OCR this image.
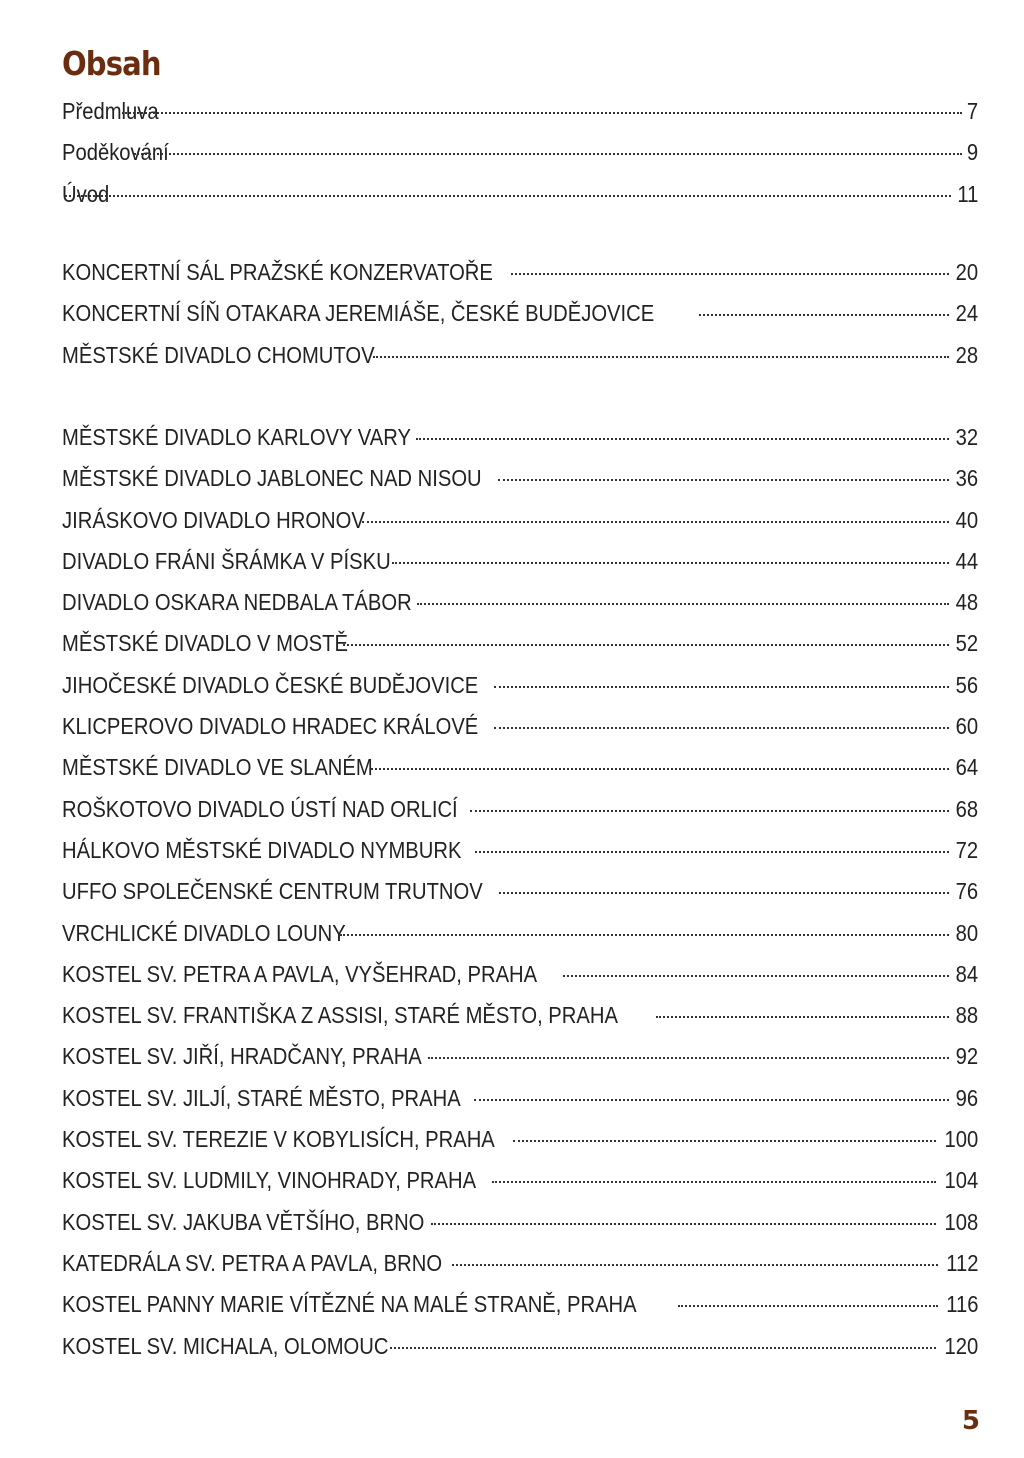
Obsah
Předmluva	7
Poděkování	9
Úvod	11
KONCERTNÍ SÁL PRAŽSKÉ KONZERVATOŘE	20
KONCERTNÍ SÍŇ OTAKARA JEREMIÁŠE, ČESKÉ BUDĚJOVICE	24
MĚSTSKÉ DIVADLO CHOMUTOV	28
MĚSTSKÉ DIVADLO KARLOVY VARY	32
MĚSTSKÉ DIVADLO JABLONEC NAD NISOU	36
JIRÁSKOVO DIVADLO HRONOV	40
DIVADLO FRÁNI ŠRÁMKA V PÍSKU	44
DIVADLO OSKARA NEDBALA TÁBOR	48
MĚSTSKÉ DIVADLO V MOSTĚ	52
JIHOČESKÉ DIVADLO ČESKÉ BUDĚJOVICE	56
KLICPEROVO DIVADLO HRADEC KRÁLOVÉ	60
MĚSTSKÉ DIVADLO VE SLANÉM	64
ROŠKOTOVO DIVADLO ÚSTÍ NAD ORLICÍ	68
HÁLKOVO MĚSTSKÉ DIVADLO NYMBURK	72
UFFO SPOLEČENSKÉ CENTRUM TRUTNOV	76
VRCHLICKÉ DIVADLO LOUNY	80
KOSTEL SV. PETRA A PAVLA, VYŠEHRAD, PRAHA	84
KOSTEL SV. FRANTIŠKA Z ASSISI, STARÉ MĚSTO, PRAHA	88
KOSTEL SV. JIŘÍ, HRADČANY, PRAHA	92
KOSTEL SV. JILJÍ, STARÉ MĚSTO, PRAHA	96
KOSTEL SV. TEREZIE V KOBYLISÍCH, PRAHA	100
KOSTEL SV. LUDMILY, VINOHRADY, PRAHA	104
KOSTEL SV. JAKUBA VĚTŠÍHO, BRNO	108
KATEDRÁLA SV. PETRA A PAVLA, BRNO	112
KOSTEL PANNY MARIE VÍTĚZNÉ NA MALÉ STRANĚ, PRAHA	116
KOSTEL SV. MICHALA, OLOMOUC	120
5
